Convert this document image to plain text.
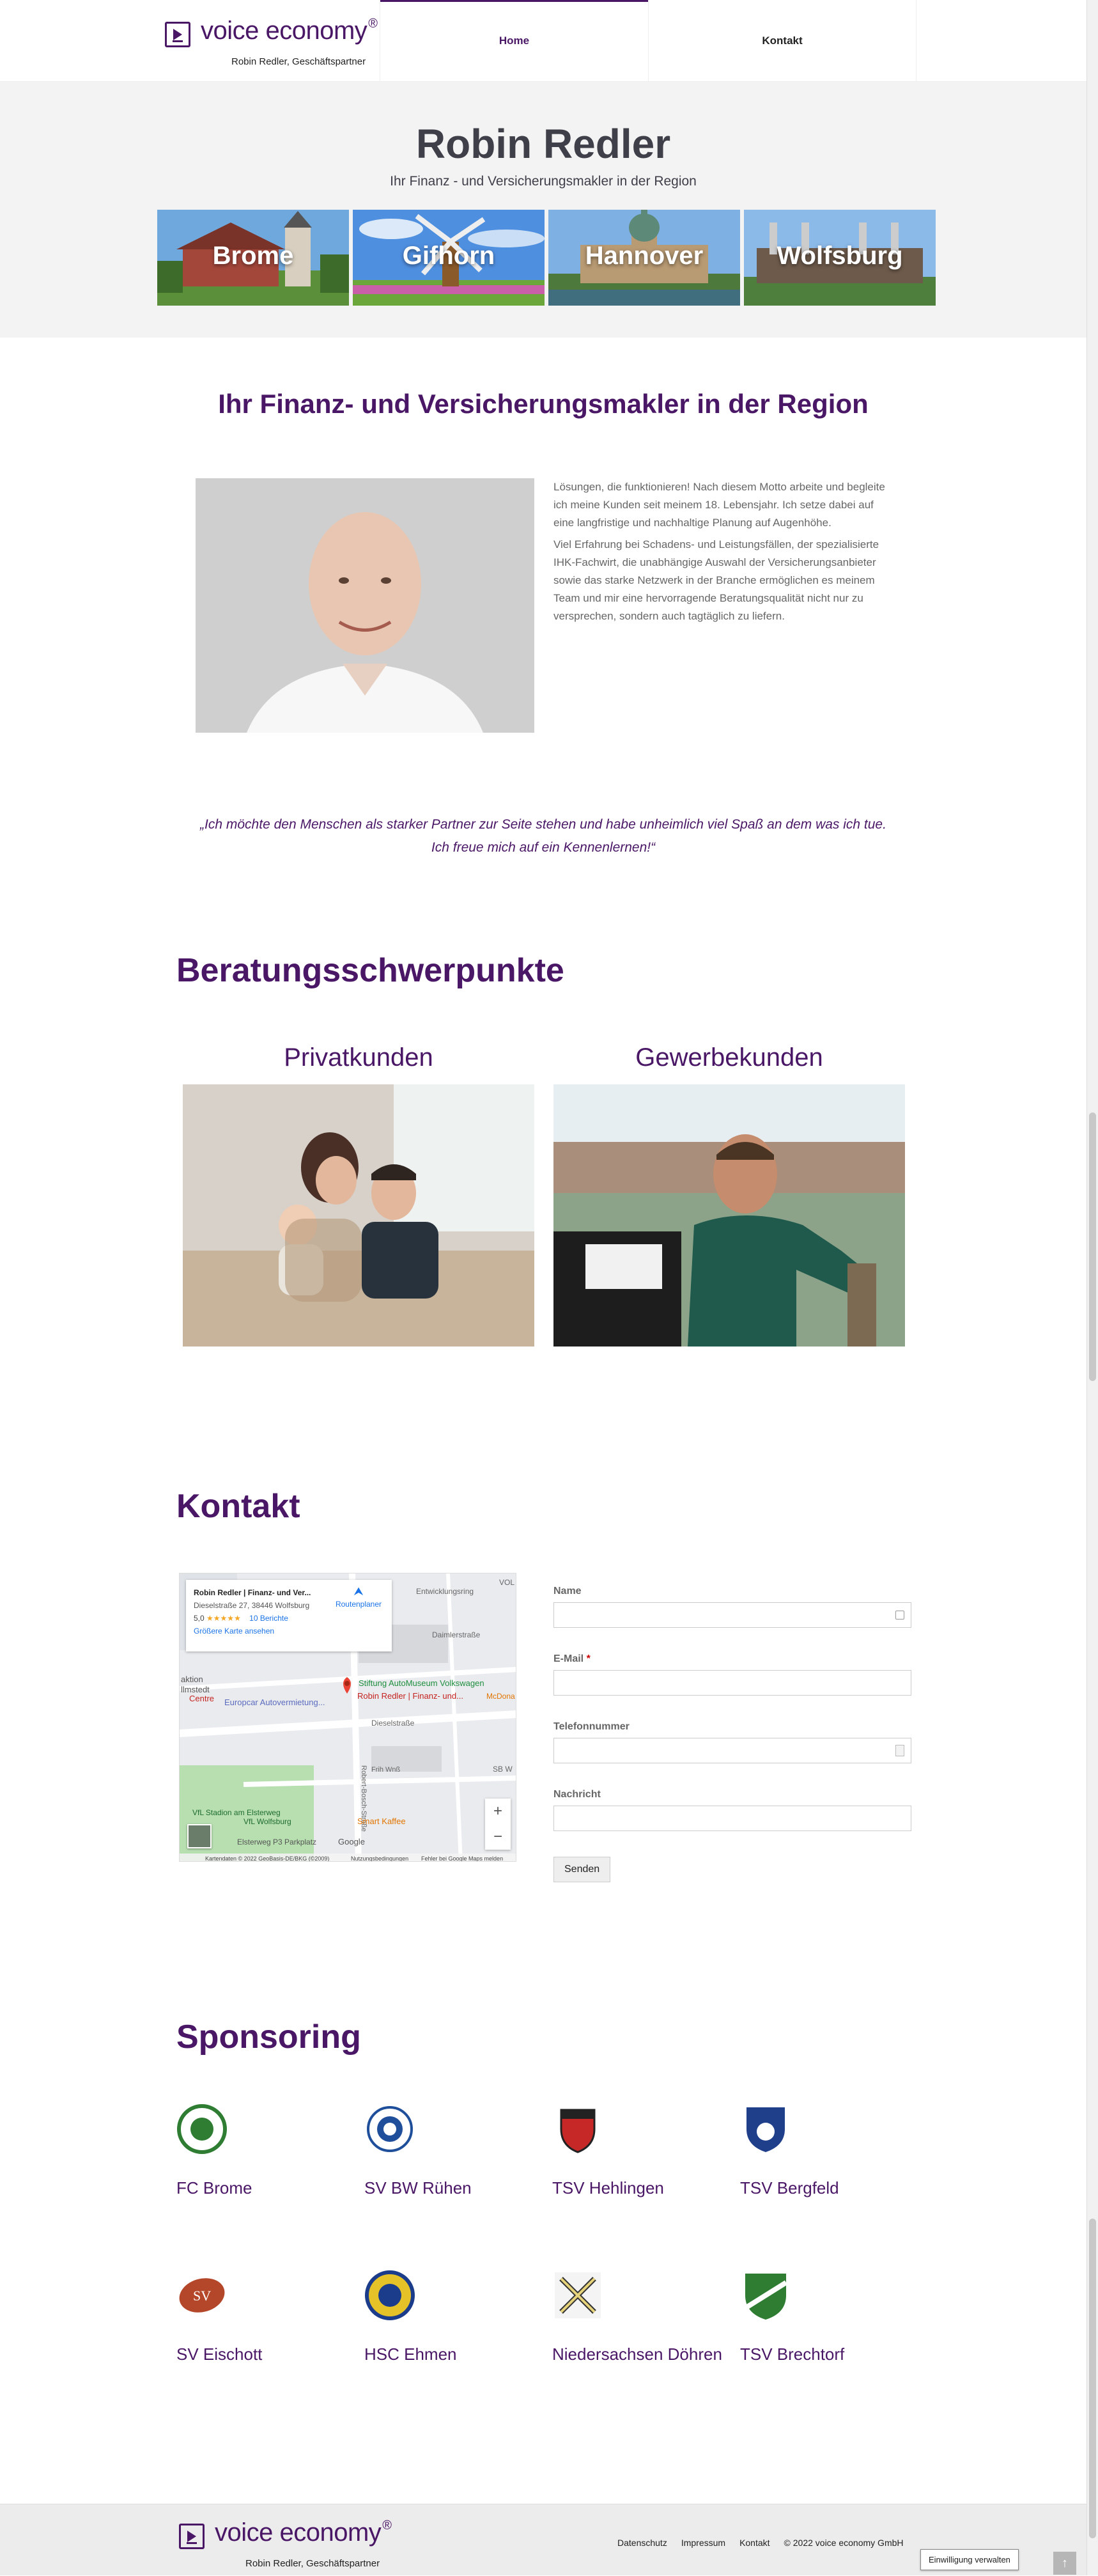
voice economy ®
Robin Redler, Geschäftspartner
Home	Kontakt
Robin Redler
Ihr Finanz - und Versicherungsmakler in der Region
Brome	Gifhorn	Hannover	Wolfsburg
Ihr Finanz- und Versicherungsmakler in der Region

Lösungen, die funktionieren! Nach diesem Motto arbeite und begleite ich meine Kunden seit meinem 18. Lebensjahr. Ich setze dabei auf eine langfristige und nachhaltige Planung auf Augenhöhe.

Viel Erfahrung bei Schadens- und Leistungsfällen, der spezialisierte IHK-Fachwirt, die unabhängige Auswahl der Versicherungsanbieter sowie das starke Netzwerk in der Branche ermöglichen es meinem Team und mir eine hervorragende Beratungsqualität nicht nur zu versprechen, sondern auch tagtäglich zu liefern.

„Ich möchte den Menschen als starker Partner zur Seite stehen und habe unheimlich viel Spaß an dem was ich tue.
Ich freue mich auf ein Kennenlernen!“
Beratungsschwerpunkte
Privatkunden	Gewerbekunden
Kontakt
Robin Redler | Finanz- und...
Stiftung AutoMuseum Volkswagen
Entwicklungsring
VOL
Daimlerstraße
McDona
Dieselstraße
Europcar Autovermietung...
Centre
aktion
llmstedt
Robert-Bosch-Straße Frih Wnß	SB W
Smart Kaffee
VfL Stadion am Elsterweg
VfL Wolfsburg
Elsterweg P3 Parkplatz	Google
Kartendaten © 2022 GeoBasis-DE/BKG (©2009)	Nutzungsbedingungen Fehler bei Google Maps melden
Robin Redler | Finanz- und Ver...
Dieselstraße 27, 38446 Wolfsburg
5,0 ★★★★★ 10 Berichte
Größere Karte ansehen
⮝
Routenplaner
+
−
Name
E-Mail *
Telefonnummer
Nachricht
Senden
Sponsoring
FC Brome	SV BW Rühen	TSV Hehlingen	TSV Bergfeld
SV
SV Eischott	HSC Ehmen	Niedersachsen Döhren	TSV Brechtorf
voice economy ®
Robin Redler, Geschäftspartner
Datenschutz Impressum Kontakt © 2022 voice economy GmbH
Einwilligung verwalten	↑
